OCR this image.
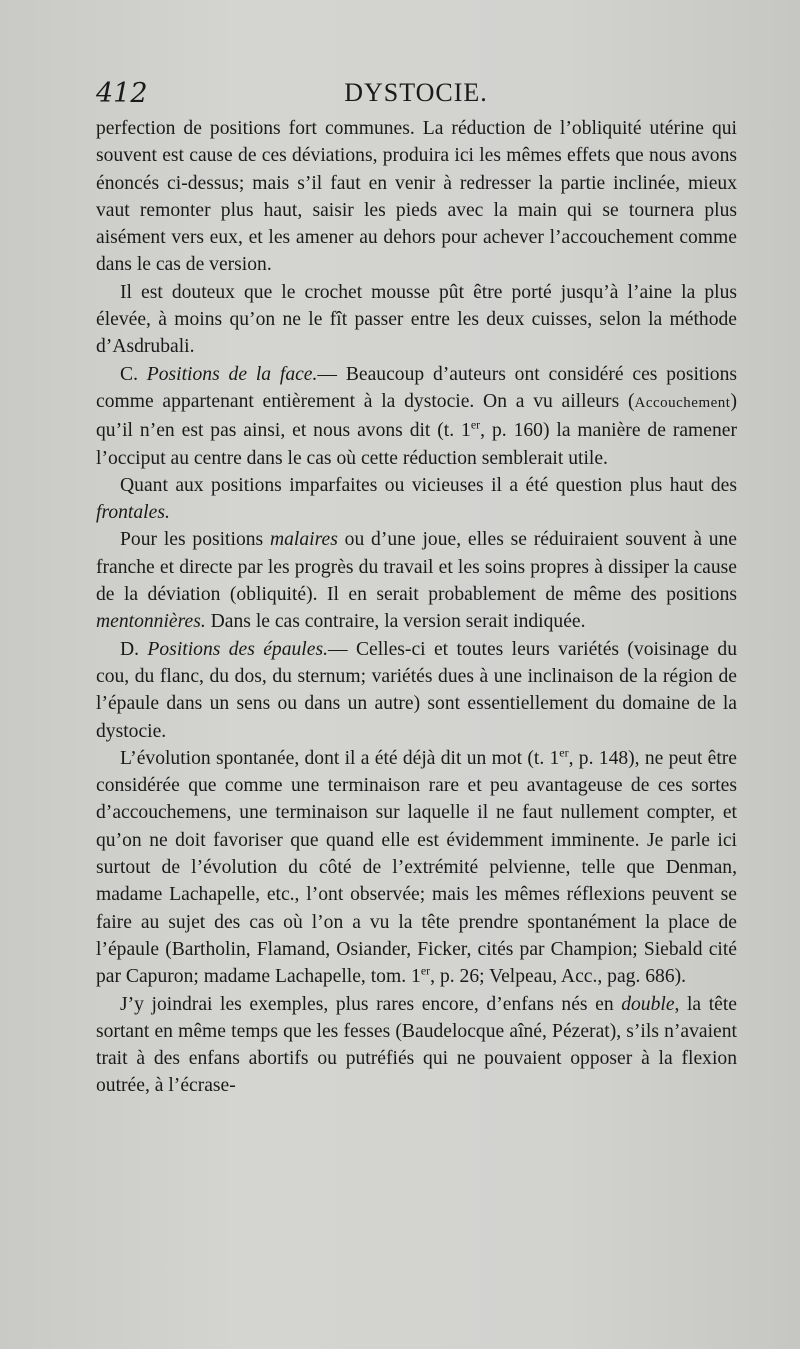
412	DYSTOCIE.

perfection de positions fort communes. La réduction de l’obliquité utérine qui souvent est cause de ces déviations, produira ici les mêmes effets que nous avons énoncés ci-dessus; mais s’il faut en venir à redresser la partie inclinée, mieux vaut remonter plus haut, saisir les pieds avec la main qui se tournera plus aisément vers eux, et les amener au dehors pour achever l’accouchement comme dans le cas de version.

Il est douteux que le crochet mousse pût être porté jusqu’à l’aine la plus élevée, à moins qu’on ne le fît passer entre les deux cuisses, selon la méthode d’Asdrubali.

C. Positions de la face.— Beaucoup d’auteurs ont considéré ces positions comme appartenant entièrement à la dystocie. On a vu ailleurs (Accouchement) qu’il n’en est pas ainsi, et nous avons dit (t. 1er, p. 160) la manière de ramener l’occiput au centre dans le cas où cette réduction semblerait utile.

Quant aux positions imparfaites ou vicieuses il a été question plus haut des frontales.

Pour les positions malaires ou d’une joue, elles se réduiraient souvent à une franche et directe par les progrès du travail et les soins propres à dissiper la cause de la déviation (obliquité). Il en serait probablement de même des positions mentonnières. Dans le cas contraire, la version serait indiquée.

D. Positions des épaules.— Celles-ci et toutes leurs variétés (voisinage du cou, du flanc, du dos, du sternum; variétés dues à une inclinaison de la région de l’épaule dans un sens ou dans un autre) sont essentiellement du domaine de la dystocie.

L’évolution spontanée, dont il a été déjà dit un mot (t. 1er, p. 148), ne peut être considérée que comme une terminaison rare et peu avantageuse de ces sortes d’accouchemens, une terminaison sur laquelle il ne faut nullement compter, et qu’on ne doit favoriser que quand elle est évidemment imminente. Je parle ici surtout de l’évolution du côté de l’extrémité pelvienne, telle que Denman, madame Lachapelle, etc., l’ont observée; mais les mêmes réflexions peuvent se faire au sujet des cas où l’on a vu la tête prendre spontanément la place de l’épaule (Bartholin, Flamand, Osiander, Ficker, cités par Champion; Siebald cité par Capuron; madame Lachapelle, tom. 1er, p. 26; Velpeau, Acc., pag. 686).

J’y joindrai les exemples, plus rares encore, d’enfans nés en double, la tête sortant en même temps que les fesses (Baudelocque aîné, Pézerat), s’ils n’avaient trait à des enfans abortifs ou putréfiés qui ne pouvaient opposer à la flexion outrée, à l’écrase-
